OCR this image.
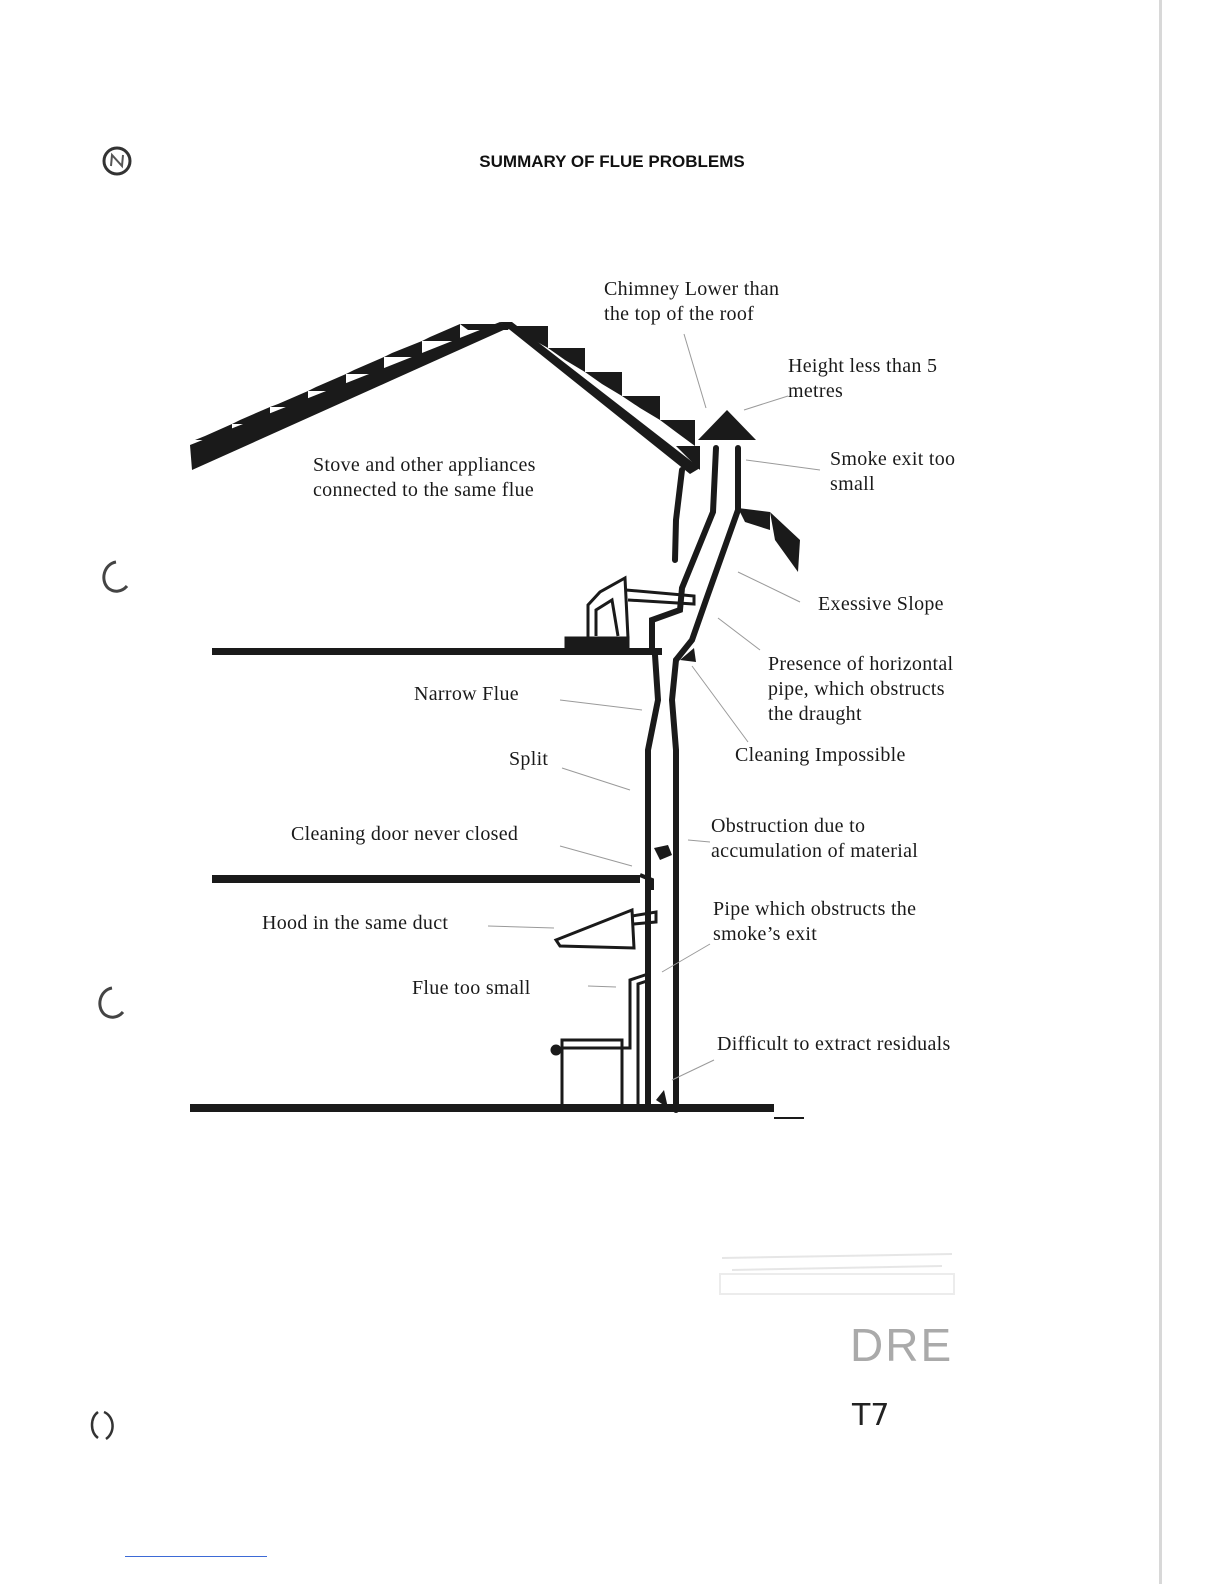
SUMMARY OF FLUE PROBLEMS
Chimney Lower than
the top of the roof
Height less than 5
metres
Smoke exit too
small
Stove and other appliances
connected to the same flue
Exessive Slope
Presence of horizontal
pipe, which obstructs
the draught
Narrow Flue
Cleaning Impossible
Split
Obstruction due to
accumulation of material
Cleaning door never closed
Pipe which obstructs the
smoke’s exit
Hood in the same duct
Flue too small
Difficult to extract residuals
DRE
T7
